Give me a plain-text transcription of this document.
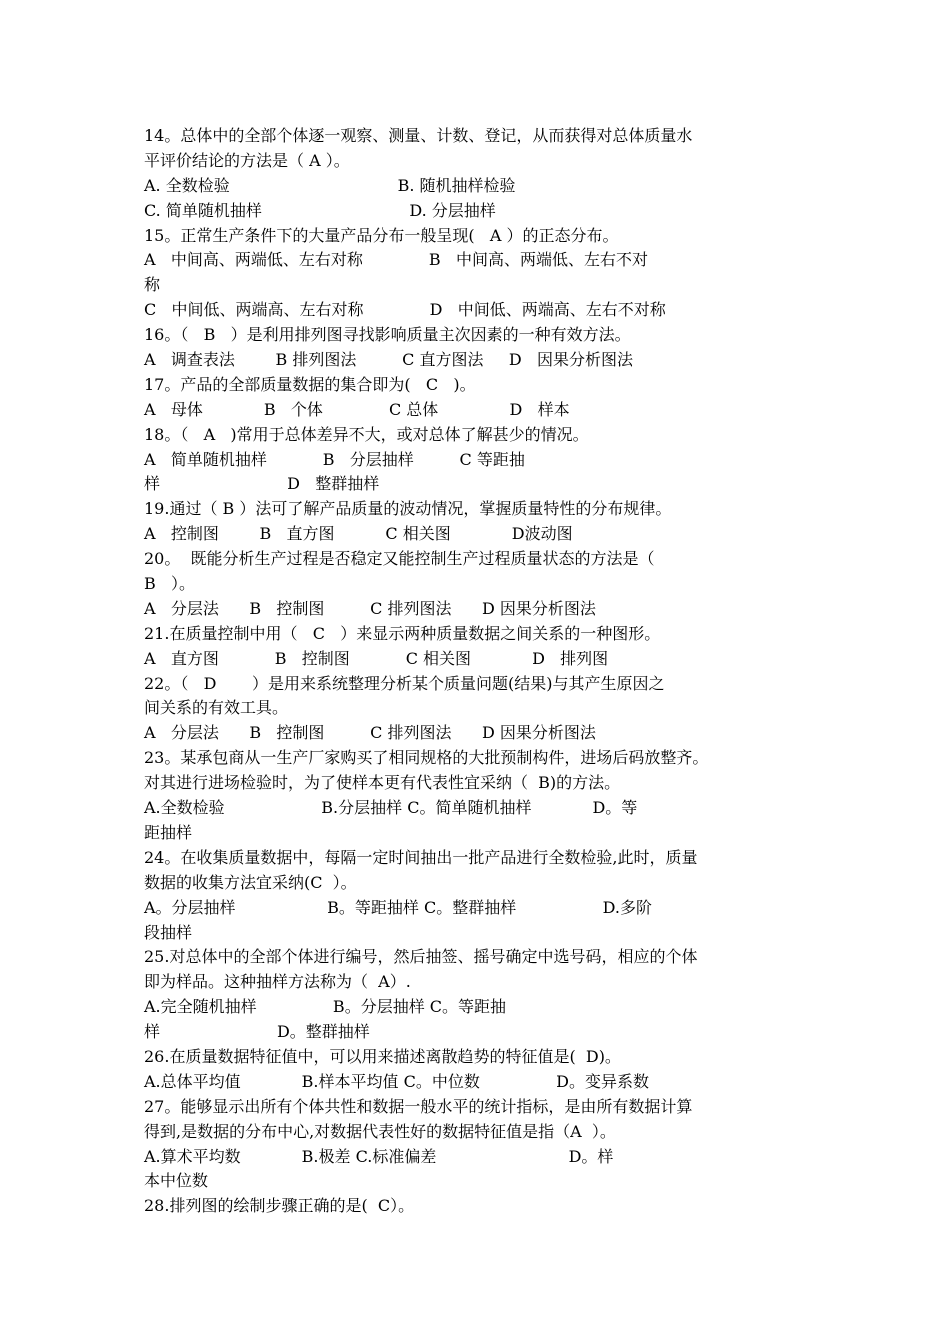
14。总体中的全部个体逐一观察、测量、计数、登记，从而获得对总体质量水
平评价结论的方法是（ A ）。
A. 全数检验                                 B. 随机抽样检验
C. 简单随机抽样                             D. 分层抽样
15。正常生产条件下的大量产品分布一般呈现(   A ）的正态分布。
A   中间高、两端低、左右对称             B   中间高、两端低、左右不对
称
C   中间低、两端高、左右对称             D   中间低、两端高、左右不对称
16。（   B   ）是利用排列图寻找影响质量主次因素的一种有效方法。
A   调查表法        B 排列图法         C 直方图法     D   因果分析图法
17。产品的全部质量数据的集合即为(   C   )。
A   母体            B   个体             C 总体              D   样本
18。（   A   )常用于总体差异不大，或对总体了解甚少的情况。
A   简单随机抽样           B   分层抽样         C 等距抽
样                         D   整群抽样
19.通过（ B ）法可了解产品质量的波动情况，掌握质量特性的分布规律。
A   控制图        B   直方图          C 相关图            D波动图
20。  既能分析生产过程是否稳定又能控制生产过程质量状态的方法是（
B   ）。
A   分层法      B   控制图         C 排列图法      D 因果分析图法
21.在质量控制中用（   C   ）来显示两种质量数据之间关系的一种图形。
A   直方图           B   控制图           C 相关图            D   排列图
22。（   D       ）是用来系统整理分析某个质量问题(结果)与其产生原因之
间关系的有效工具。
A   分层法      B   控制图         C 排列图法      D 因果分析图法
23。某承包商从一生产厂家购买了相同规格的大批预制构件，进场后码放整齐。
对其进行进场检验时，为了使样本更有代表性宜采纳（  B)的方法。
A.全数检验                   B.分层抽样 C。简单随机抽样            D。等
距抽样
24。在收集质量数据中，每隔一定时间抽出一批产品进行全数检验,此时，质量
数据的收集方法宜采纳(C  ）。
A。分层抽样                  B。等距抽样 C。整群抽样                 D.多阶
段抽样
25.对总体中的全部个体进行编号，然后抽签、摇号确定中选号码，相应的个体
即为样品。这种抽样方法称为（  A）.
A.完全随机抽样               B。分层抽样 C。等距抽
样                       D。整群抽样
26.在质量数据特征值中，可以用来描述离散趋势的特征值是(  D)。
A.总体平均值            B.样本平均值 C。中位数               D。变异系数
27。能够显示出所有个体共性和数据一般水平的统计指标，是由所有数据计算
得到,是数据的分布中心,对数据代表性好的数据特征值是指（A  ）。
A.算术平均数            B.极差 C.标准偏差                          D。样
本中位数
28.排列图的绘制步骤正确的是(  C）。
